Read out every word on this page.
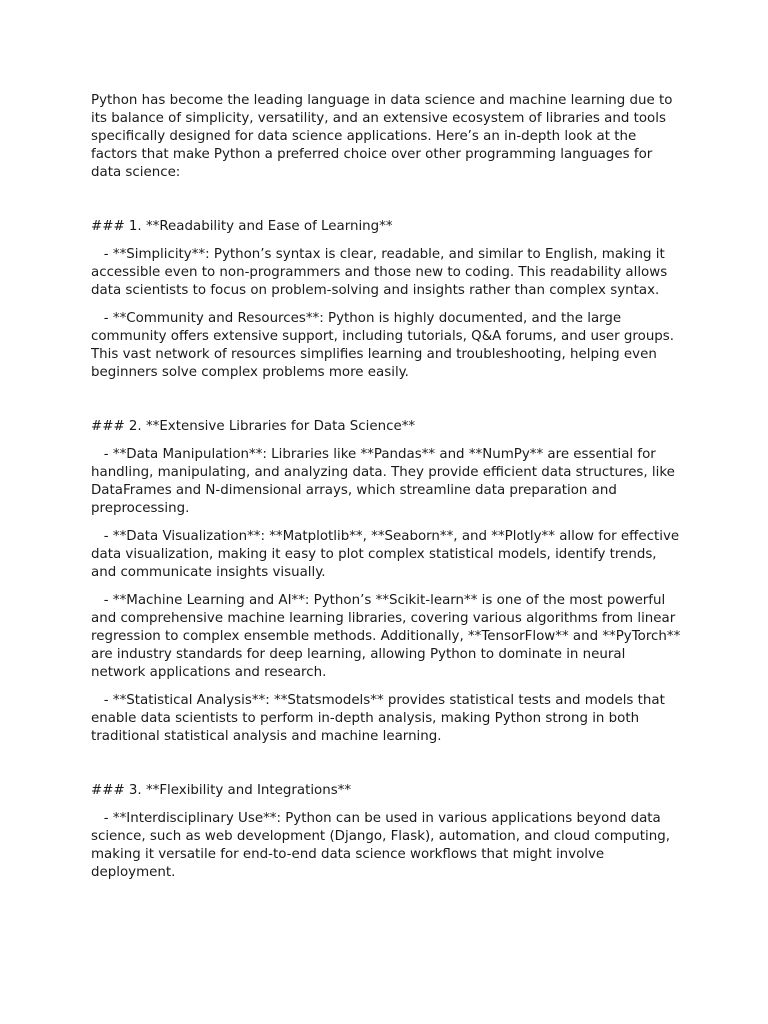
Python has become the leading language in data science and machine learning due to its balance of simplicity, versatility, and an extensive ecosystem of libraries and tools specifically designed for data science applications. Here’s an in-depth look at the factors that make Python a preferred choice over other programming languages for data science:

### 1. **Readability and Ease of Learning**

- **Simplicity**: Python’s syntax is clear, readable, and similar to English, making it accessible even to non-programmers and those new to coding. This readability allows data scientists to focus on problem-solving and insights rather than complex syntax.

- **Community and Resources**: Python is highly documented, and the large community offers extensive support, including tutorials, Q&A forums, and user groups. This vast network of resources simplifies learning and troubleshooting, helping even beginners solve complex problems more easily.

### 2. **Extensive Libraries for Data Science**

- **Data Manipulation**: Libraries like **Pandas** and **NumPy** are essential for handling, manipulating, and analyzing data. They provide efficient data structures, like DataFrames and N-dimensional arrays, which streamline data preparation and preprocessing.

- **Data Visualization**: **Matplotlib**, **Seaborn**, and **Plotly** allow for effective data visualization, making it easy to plot complex statistical models, identify trends, and communicate insights visually.

- **Machine Learning and AI**: Python’s **Scikit-learn** is one of the most powerful and comprehensive machine learning libraries, covering various algorithms from linear regression to complex ensemble methods. Additionally, **TensorFlow** and **PyTorch** are industry standards for deep learning, allowing Python to dominate in neural network applications and research.

- **Statistical Analysis**: **Statsmodels** provides statistical tests and models that enable data scientists to perform in-depth analysis, making Python strong in both traditional statistical analysis and machine learning.

### 3. **Flexibility and Integrations**

- **Interdisciplinary Use**: Python can be used in various applications beyond data science, such as web development (Django, Flask), automation, and cloud computing, making it versatile for end-to-end data science workflows that might involve deployment.
